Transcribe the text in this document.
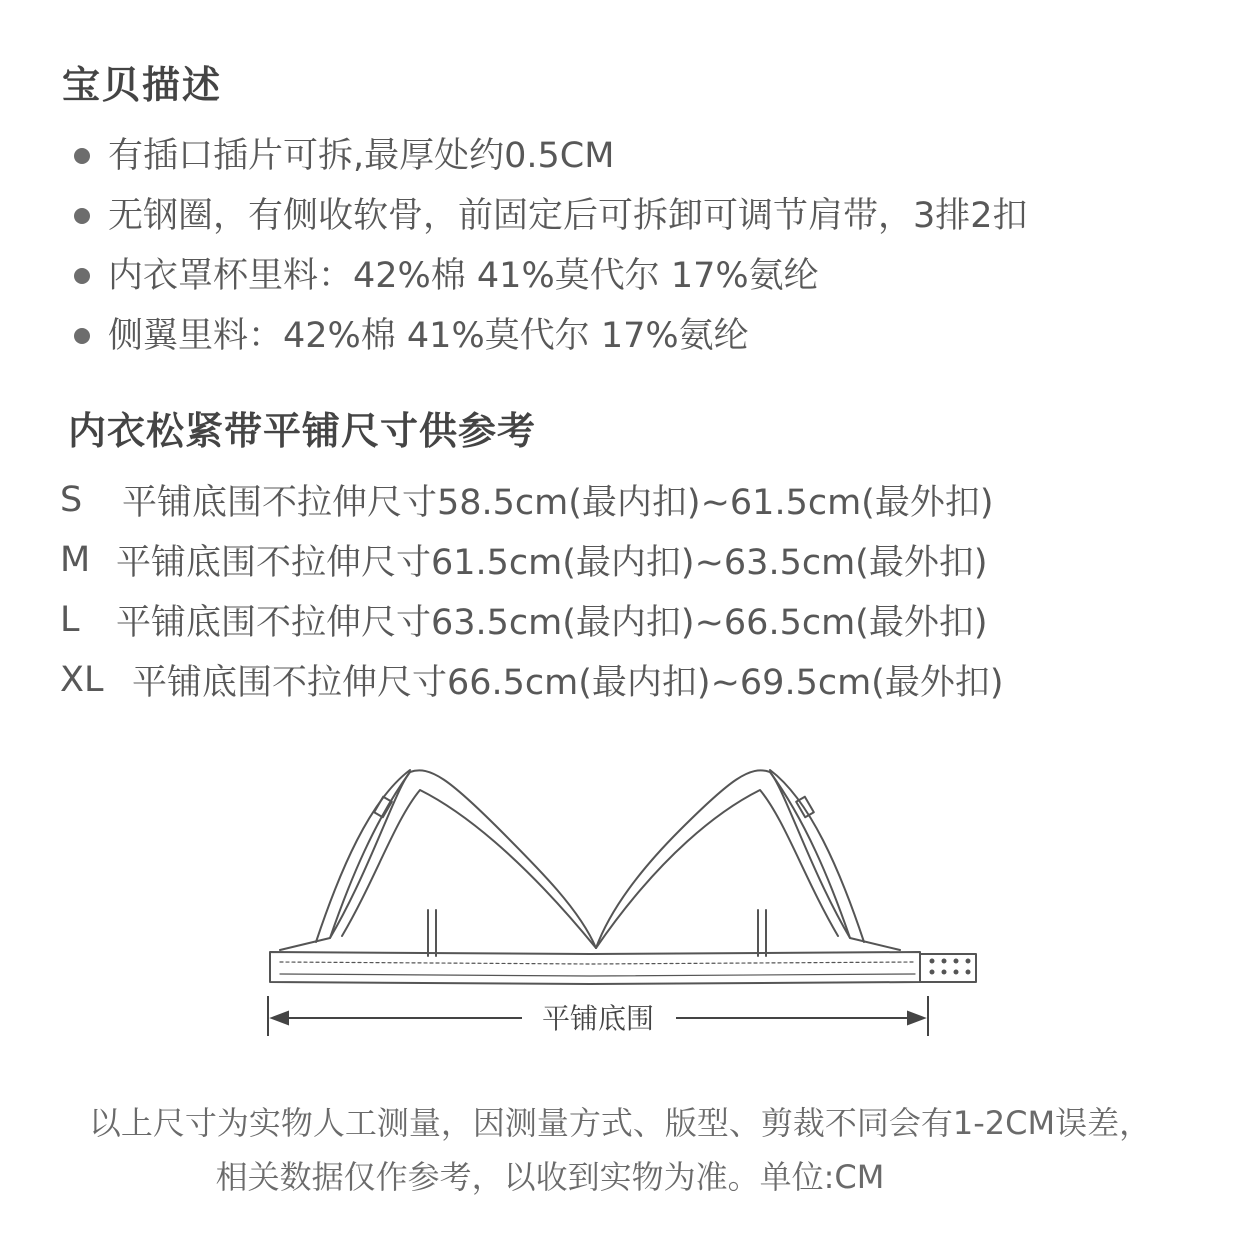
宝贝描述
有插口插片可拆,最厚处约0.5CM
无钢圈，有侧收软骨，前固定后可拆卸可调节肩带，3排2扣
内衣罩杯里料：42%棉 41%莫代尔 17%氨纶
侧翼里料：42%棉 41%莫代尔 17%氨纶
内衣松紧带平铺尺寸供参考
S	平铺底围不拉伸尺寸58.5cm(最内扣)~61.5cm(最外扣)
M 平铺底围不拉伸尺寸61.5cm(最内扣)~63.5cm(最外扣)
L	平铺底围不拉伸尺寸63.5cm(最内扣)~66.5cm(最外扣)
XL 平铺底围不拉伸尺寸66.5cm(最内扣)~69.5cm(最外扣)
平铺底围
以上尺寸为实物人工测量，因测量方式、版型、剪裁不同会有1-2CM误差，
相关数据仅作参考，以收到实物为准。单位:CM
